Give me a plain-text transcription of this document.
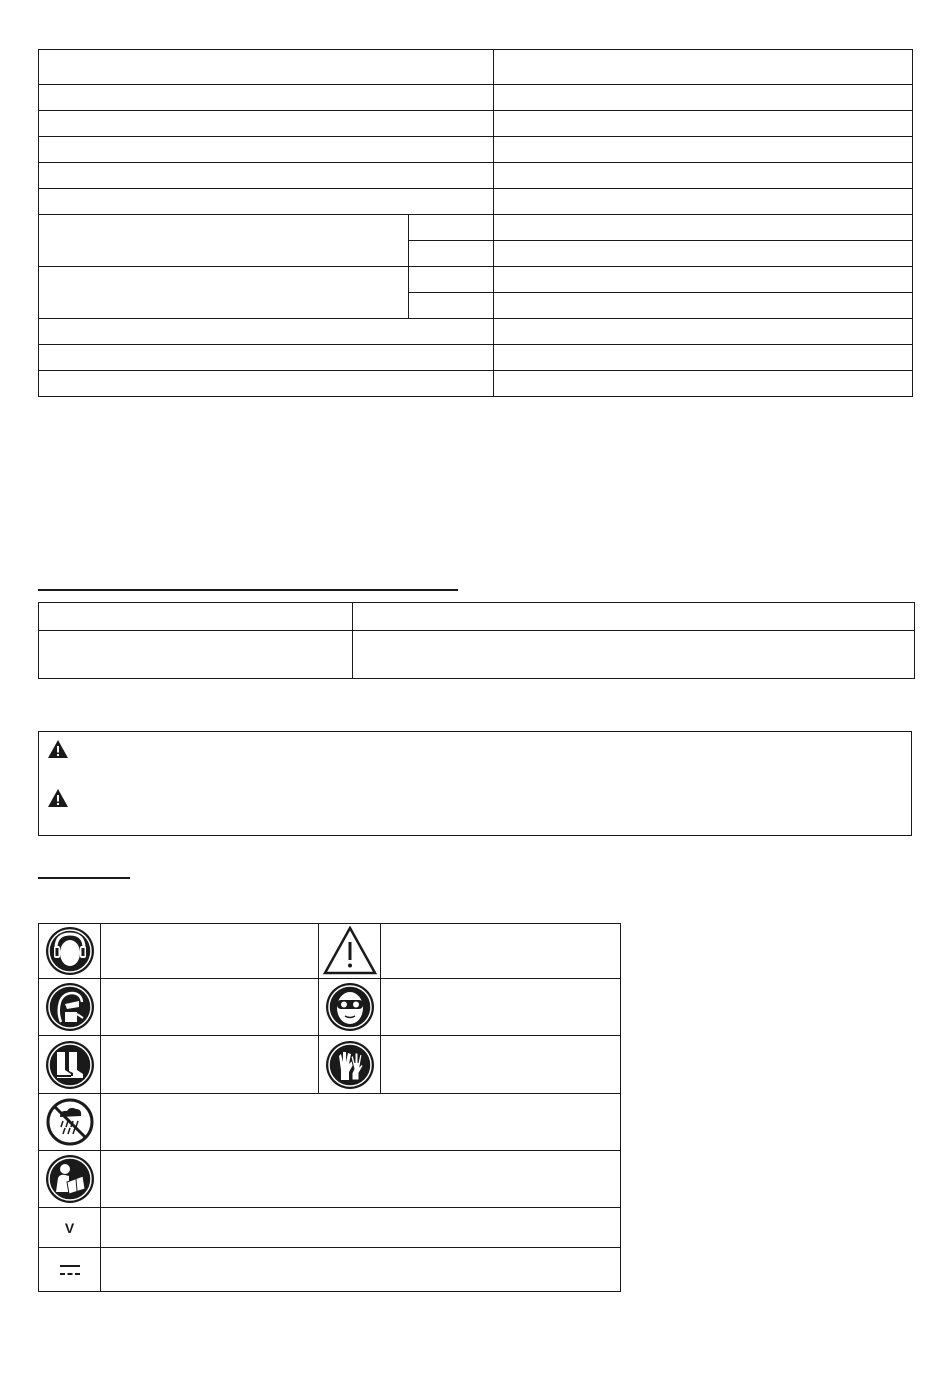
V			
